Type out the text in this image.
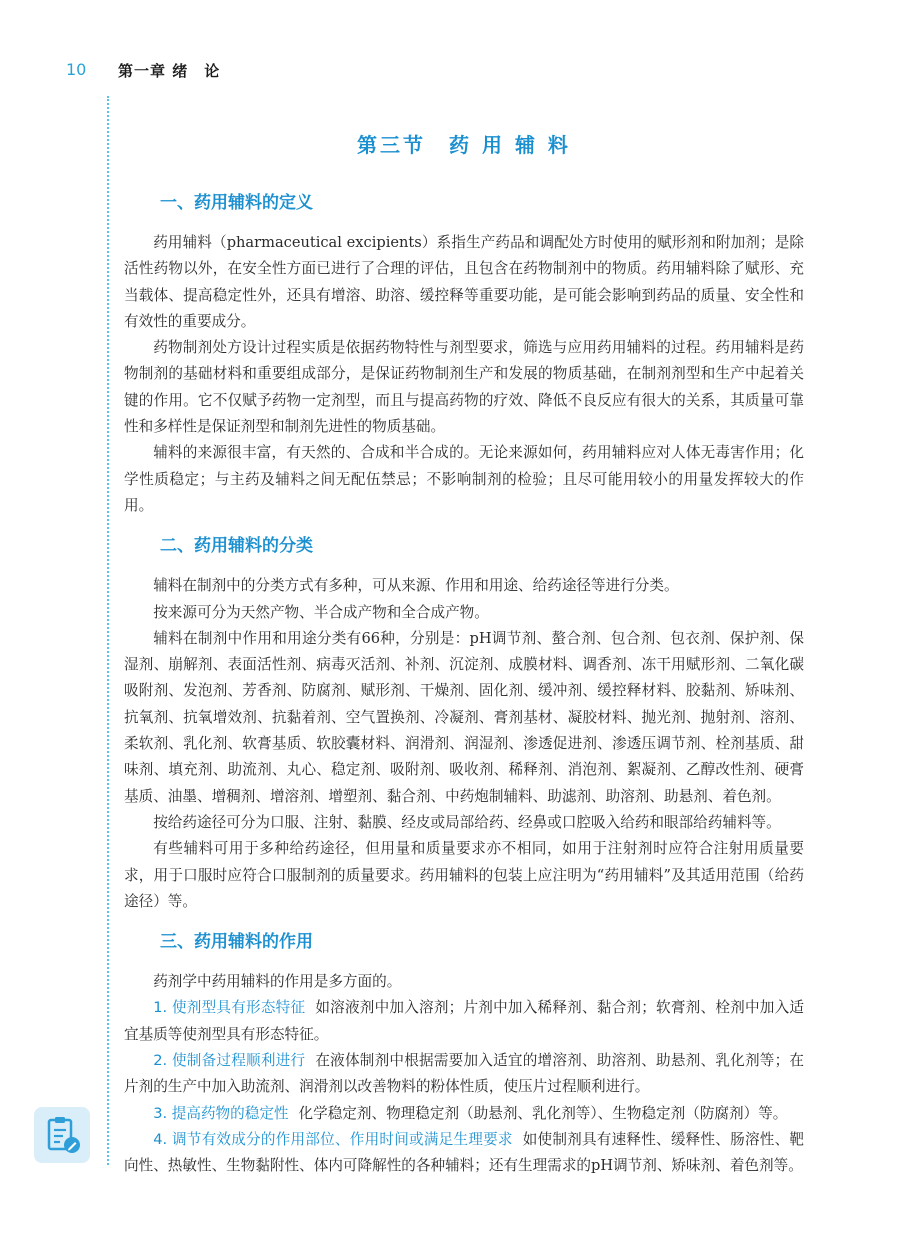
10 第一章 绪　论
第三节　药 用 辅 料
一、药用辅料的定义

药用辅料（pharmaceutical excipients）系指生产药品和调配处方时使用的赋形剂和附加剂；是除活性药物以外，在安全性方面已进行了合理的评估，且包含在药物制剂中的物质。药用辅料除了赋形、充当载体、提高稳定性外，还具有增溶、助溶、缓控释等重要功能，是可能会影响到药品的质量、安全性和有效性的重要成分。

药物制剂处方设计过程实质是依据药物特性与剂型要求，筛选与应用药用辅料的过程。药用辅料是药物制剂的基础材料和重要组成部分，是保证药物制剂生产和发展的物质基础，在制剂剂型和生产中起着关键的作用。它不仅赋予药物一定剂型，而且与提高药物的疗效、降低不良反应有很大的关系，其质量可靠性和多样性是保证剂型和制剂先进性的物质基础。

辅料的来源很丰富，有天然的、合成和半合成的。无论来源如何，药用辅料应对人体无毒害作用；化学性质稳定；与主药及辅料之间无配伍禁忌；不影响制剂的检验；且尽可能用较小的用量发挥较大的作用。

二、药用辅料的分类

辅料在制剂中的分类方式有多种，可从来源、作用和用途、给药途径等进行分类。

按来源可分为天然产物、半合成产物和全合成产物。

辅料在制剂中作用和用途分类有66种，分别是：pH调节剂、螯合剂、包合剂、包衣剂、保护剂、保湿剂、崩解剂、表面活性剂、病毒灭活剂、补剂、沉淀剂、成膜材料、调香剂、冻干用赋形剂、二氧化碳吸附剂、发泡剂、芳香剂、防腐剂、赋形剂、干燥剂、固化剂、缓冲剂、缓控释材料、胶黏剂、矫味剂、抗氧剂、抗氧增效剂、抗黏着剂、空气置换剂、冷凝剂、膏剂基材、凝胶材料、抛光剂、抛射剂、溶剂、柔软剂、乳化剂、软膏基质、软胶囊材料、润滑剂、润湿剂、渗透促进剂、渗透压调节剂、栓剂基质、甜味剂、填充剂、助流剂、丸心、稳定剂、吸附剂、吸收剂、稀释剂、消泡剂、絮凝剂、乙醇改性剂、硬膏基质、油墨、增稠剂、增溶剂、增塑剂、黏合剂、中药炮制辅料、助滤剂、助溶剂、助悬剂、着色剂。

按给药途径可分为口服、注射、黏膜、经皮或局部给药、经鼻或口腔吸入给药和眼部给药辅料等。

有些辅料可用于多种给药途径，但用量和质量要求亦不相同，如用于注射剂时应符合注射用质量要求，用于口服时应符合口服制剂的质量要求。药用辅料的包装上应注明为“药用辅料”及其适用范围（给药途径）等。

三、药用辅料的作用

药剂学中药用辅料的作用是多方面的。

1. 使剂型具有形态特征 如溶液剂中加入溶剂；片剂中加入稀释剂、黏合剂；软膏剂、栓剂中加入适宜基质等使剂型具有形态特征。

2. 使制备过程顺利进行 在液体制剂中根据需要加入适宜的增溶剂、助溶剂、助悬剂、乳化剂等；在片剂的生产中加入助流剂、润滑剂以改善物料的粉体性质，使压片过程顺利进行。

3. 提高药物的稳定性 化学稳定剂、物理稳定剂（助悬剂、乳化剂等）、生物稳定剂（防腐剂）等。

4. 调节有效成分的作用部位、作用时间或满足生理要求 如使制剂具有速释性、缓释性、肠溶性、靶向性、热敏性、生物黏附性、体内可降解性的各种辅料；还有生理需求的pH调节剂、矫味剂、着色剂等。
